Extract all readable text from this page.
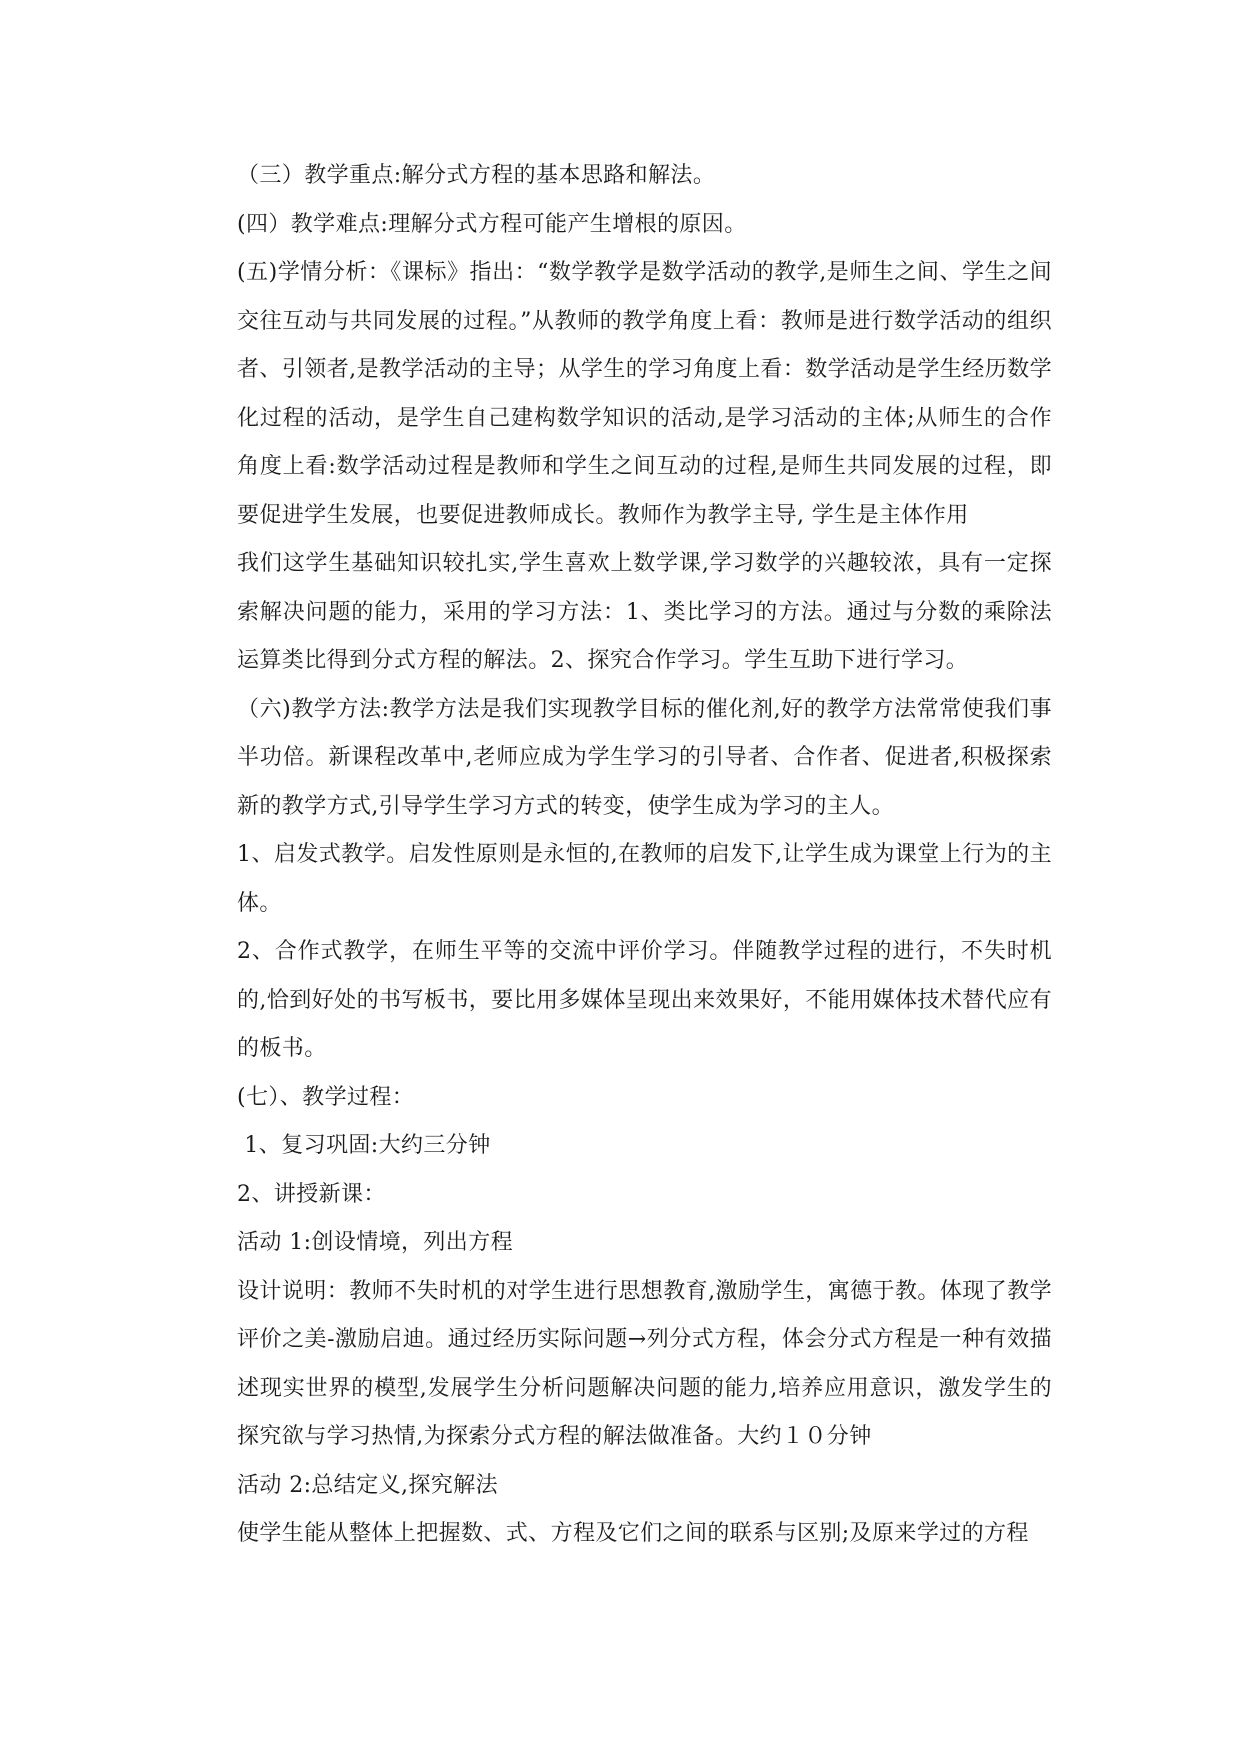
（三）教学重点:解分式方程的基本思路和解法。

(四）教学难点:理解分式方程可能产生增根的原因。

(五)学情分析：《课标》指出：“数学教学是数学活动的教学,是师生之间、学生之间交往互动与共同发展的过程。”从教师的教学角度上看：教师是进行数学活动的组织者、引领者,是教学活动的主导；从学生的学习角度上看：数学活动是学生经历数学化过程的活动，是学生自己建构数学知识的活动,是学习活动的主体;从师生的合作角度上看:数学活动过程是教师和学生之间互动的过程,是师生共同发展的过程，即要促进学生发展，也要促进教师成长。教师作为教学主导, 学生是主体作用

我们这学生基础知识较扎实,学生喜欢上数学课,学习数学的兴趣较浓，具有一定探索解决问题的能力，采用的学习方法：1、类比学习的方法。通过与分数的乘除法运算类比得到分式方程的解法。2、探究合作学习。学生互助下进行学习。

（六)教学方法:教学方法是我们实现教学目标的催化剂,好的教学方法常常使我们事半功倍。新课程改革中,老师应成为学生学习的引导者、合作者、促进者,积极探索新的教学方式,引导学生学习方式的转变，使学生成为学习的主人。

1、启发式教学。启发性原则是永恒的,在教师的启发下,让学生成为课堂上行为的主体。

2、合作式教学，在师生平等的交流中评价学习。伴随教学过程的进行，不失时机的,恰到好处的书写板书，要比用多媒体呈现出来效果好，不能用媒体技术替代应有的板书。

(七）、教学过程：

1、复习巩固:大约三分钟

2、讲授新课：

活动 1:创设情境，列出方程

设计说明：教师不失时机的对学生进行思想教育,激励学生，寓德于教。体现了教学评价之美-激励启迪。通过经历实际问题→列分式方程，体会分式方程是一种有效描述现实世界的模型,发展学生分析问题解决问题的能力,培养应用意识，激发学生的探究欲与学习热情,为探索分式方程的解法做准备。大约１０分钟

活动 2:总结定义,探究解法

使学生能从整体上把握数、式、方程及它们之间的联系与区别;及原来学过的方程
